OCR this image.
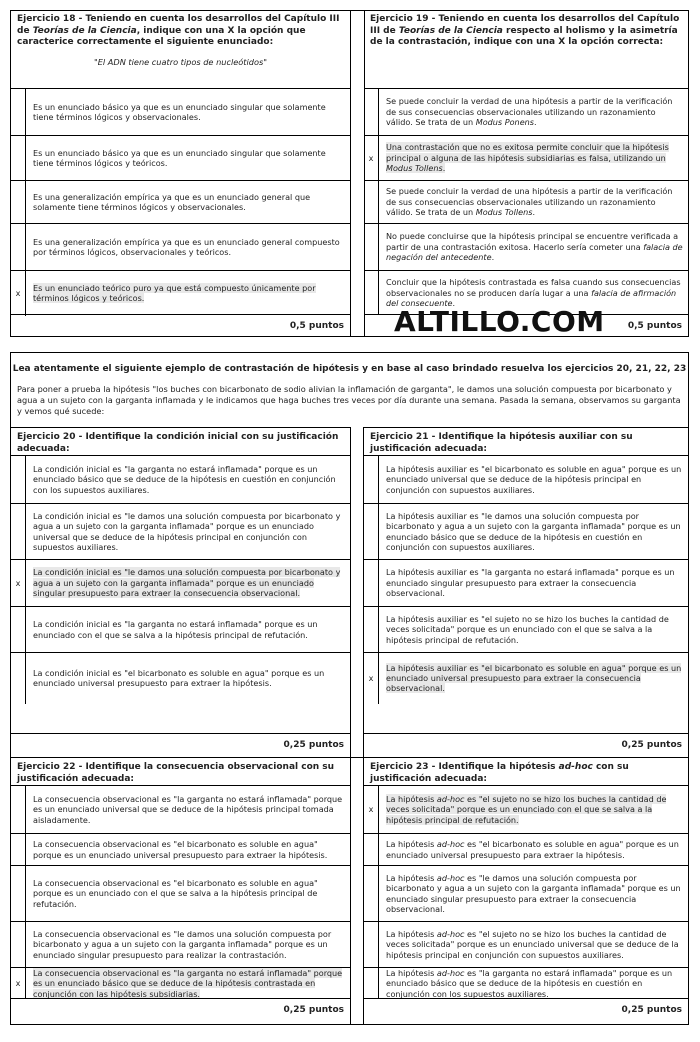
Ejercicio 18 - Teniendo en cuenta los desarrollos del Capítulo III de Teorías de la Ciencia, indique con una X la opción que caracterice correctamente el siguiente enunciado:
"El ADN tiene cuatro tipos de nucleótidos"
	Es un enunciado básico ya que es un enunciado singular que solamente tiene términos lógicos y observacionales.
	Es un enunciado básico ya que es un enunciado singular que solamente tiene términos lógicos y teóricos.
	Es una generalización empírica ya que es un enunciado general que solamente tiene términos lógicos y observacionales.
	Es una generalización empírica ya que es un enunciado general compuesto por términos lógicos, observacionales y teóricos.
x	Es un enunciado teórico puro ya que está compuesto únicamente por términos lógicos y teóricos.
0,5 puntos
Ejercicio 19 - Teniendo en cuenta los desarrollos del Capítulo III de Teorías de la Ciencia respecto al holismo y la asimetría de la contrastación, indique con una X la opción correcta:
	Se puede concluir la verdad de una hipótesis a partir de la verificación de sus consecuencias observacionales utilizando un razonamiento válido. Se trata de un Modus Ponens.
x	Una contrastación que no es exitosa permite concluir que la hipótesis principal o alguna de las hipótesis subsidiarias es falsa, utilizando un Modus Tollens.
	Se puede concluir la verdad de una hipótesis a partir de la verificación de sus consecuencias observacionales utilizando un razonamiento válido. Se trata de un Modus Tollens.
	No puede concluirse que la hipótesis principal se encuentre verificada a partir de una contrastación exitosa. Hacerlo sería cometer una falacia de negación del antecedente.
	Concluir que la hipótesis contrastada es falsa cuando sus consecuencias observacionales no se producen daría lugar a una falacia de afirmación del consecuente.
0,5 puntos
ALTILLO.COM
Lea atentamente el siguiente ejemplo de contrastación de hipótesis y en base al caso brindado resuelva los ejercicios 20, 21, 22, 23
Para poner a prueba la hipótesis "los buches con bicarbonato de sodio alivian la inflamación de garganta", le damos una solución compuesta por bicarbonato y agua a un sujeto con la garganta inflamada y le indicamos que haga buches tres veces por día durante una semana. Pasada la semana, observamos su garganta y vemos qué sucede:
Ejercicio 20 - Identifique la condición inicial con su justificación adecuada:
	La condición inicial es "la garganta no estará inflamada" porque es un enunciado básico que se deduce de la hipótesis en cuestión en conjunción con los supuestos auxiliares.
	La condición inicial es "le damos una solución compuesta por bicarbonato y agua a un sujeto con la garganta inflamada" porque es un enunciado universal que se deduce de la hipótesis principal en conjunción con supuestos auxiliares.
x	La condición inicial es "le damos una solución compuesta por bicarbonato y agua a un sujeto con la garganta inflamada" porque es un enunciado singular presupuesto para extraer la consecuencia observacional.
	La condición inicial es "la garganta no estará inflamada" porque es un enunciado con el que se salva a la hipótesis principal de refutación.
	La condición inicial es "el bicarbonato es soluble en agua" porque es un enunciado universal presupuesto para extraer la hipótesis.
0,25 puntos
Ejercicio 21 - Identifique la hipótesis auxiliar con su justificación adecuada:
	La hipótesis auxiliar es "el bicarbonato es soluble en agua" porque es un enunciado universal que se deduce de la hipótesis principal en conjunción con supuestos auxiliares.
	La hipótesis auxiliar es "le damos una solución compuesta por bicarbonato y agua a un sujeto con la garganta inflamada" porque es un enunciado básico que se deduce de la hipótesis en cuestión en conjunción con supuestos auxiliares.
	La hipótesis auxiliar es "la garganta no estará inflamada" porque es un enunciado singular presupuesto para extraer la consecuencia observacional.
	La hipótesis auxiliar es "el sujeto no se hizo los buches la cantidad de veces solicitada" porque es un enunciado con el que se salva a la hipótesis principal de refutación.
x	La hipótesis auxiliar es "el bicarbonato es soluble en agua" porque es un enunciado universal presupuesto para extraer la consecuencia observacional.
0,25 puntos
Ejercicio 22 - Identifique la consecuencia observacional con su justificación adecuada:
	La consecuencia observacional es "la garganta no estará inflamada" porque es un enunciado universal que se deduce de la hipótesis principal tomada aisladamente.
	La consecuencia observacional es "el bicarbonato es soluble en agua" porque es un enunciado universal presupuesto para extraer la hipótesis.
	La consecuencia observacional es "el bicarbonato es soluble en agua" porque es un enunciado con el que se salva a la hipótesis principal de refutación.
	La consecuencia observacional es "le damos una solución compuesta por bicarbonato y agua a un sujeto con la garganta inflamada" porque es un enunciado singular presupuesto para realizar la contrastación.
x	La consecuencia observacional es "la garganta no estará inflamada" porque es un enunciado básico que se deduce de la hipótesis contrastada en conjunción con las hipótesis subsidiarias.
0,25 puntos
Ejercicio 23 - Identifique la hipótesis ad-hoc con su justificación adecuada:
x	La hipótesis ad-hoc es "el sujeto no se hizo los buches la cantidad de veces solicitada" porque es un enunciado con el que se salva a la hipótesis principal de refutación.
	La hipótesis ad-hoc es "el bicarbonato es soluble en agua" porque es un enunciado universal presupuesto para extraer la hipótesis.
	La hipótesis ad-hoc es "le damos una solución compuesta por bicarbonato y agua a un sujeto con la garganta inflamada" porque es un enunciado singular presupuesto para extraer la consecuencia observacional.
	La hipótesis ad-hoc es "el sujeto no se hizo los buches la cantidad de veces solicitada" porque es un enunciado universal que se deduce de la hipótesis principal en conjunción con supuestos auxiliares.
	La hipótesis ad-hoc es "la garganta no estará inflamada" porque es un enunciado básico que se deduce de la hipótesis en cuestión en conjunción con los supuestos auxiliares.
0,25 puntos
